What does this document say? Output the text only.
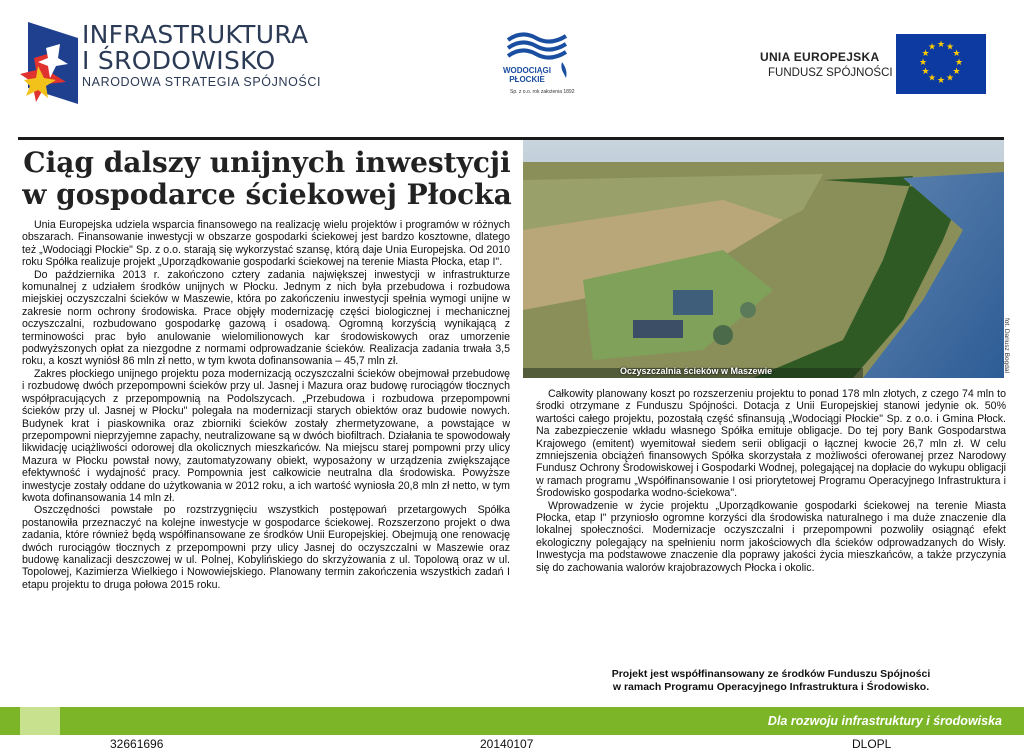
INFRASTRUKTURA
I ŚRODOWISKO
NARODOWA STRATEGIA SPÓJNOŚCI
WODOCIĄGI
PŁOCKIE
Sp. z o.o. rok założenia 1892
UNIA EUROPEJSKA
FUNDUSZ SPÓJNOŚCI
★ ★
★
★
★
★
★
★
★
★
★
★
Ciąg dalszy unijnych inwestycji
w gospodarce ściekowej Płocka

Unia Europejska udziela wsparcia finansowego na realizację wielu projektów i programów w różnych obszarach. Finansowanie inwestycji w obszarze gospodarki ściekowej jest bardzo kosztowne, dlatego też „Wodociągi Płockie" Sp. z o.o. starają się wykorzystać szansę, którą daje Unia Europejska. Od 2010 roku Spółka realizuje projekt „Uporządkowanie gospodarki ściekowej na terenie Miasta Płocka, etap I".

Do października 2013 r. zakończono cztery zadania największej inwestycji w infrastrukturze komunalnej z udziałem środków unijnych w Płocku. Jednym z nich była przebudowa i rozbudowa miejskiej oczyszczalni ścieków w Maszewie, która po zakończeniu inwestycji spełnia wymogi unijne w zakresie norm ochrony środowiska. Prace objęły modernizację części biologicznej i mechanicznej oczyszczalni, rozbudowano gospodarkę gazową i osadową. Ogromną korzyścią wynikającą z terminowości prac było anulowanie wielomilionowych kar środowiskowych oraz umorzenie podwyższonych opłat za niezgodne z normami odprowadzanie ścieków. Realizacja zadania trwała 3,5 roku, a koszt wyniósł 86 mln zł netto, w tym kwota dofinansowania – 45,7 mln zł.

Zakres płockiego unijnego projektu poza modernizacją oczyszczalni ścieków obejmował przebudowę i rozbudowę dwóch przepompowni ścieków przy ul. Jasnej i Mazura oraz budowę rurociągów tłocznych współpracujących z przepompownią na Podolszycach. „Przebudowa i rozbudowa przepompowni ścieków przy ul. Jasnej w Płocku" polegała na modernizacji starych obiektów oraz budowie nowych. Budynek krat i piaskownika oraz zbiorniki ścieków zostały zhermetyzowane, a powstające w przepompowni nieprzyjemne zapachy, neutralizowane są w dwóch biofiltrach. Działania te spowodowały likwidację uciążliwości odorowej dla okolicznych mieszkańców. Na miejscu starej pompowni przy ulicy Mazura w Płocku powstał nowy, zautomatyzowany obiekt, wyposażony w urządzenia zwiększające efektywność i wydajność pracy. Pompownia jest całkowicie neutralna dla środowiska. Powyższe inwestycje zostały oddane do użytkowania w 2012 roku, a ich wartość wyniosła 20,8 mln zł netto, w tym kwota dofinansowania 14 mln zł.

Oszczędności powstałe po rozstrzygnięciu wszystkich postępowań przetargowych Spółka postanowiła przeznaczyć na kolejne inwestycje w gospodarce ściekowej. Rozszerzono projekt o dwa zadania, które również będą współfinansowane ze środków Unii Europejskiej. Obejmują one renowację dwóch rurociągów tłocznych z przepompowni przy ulicy Jasnej do oczyszczalni w Maszewie oraz budowę kanalizacji deszczowej w ul. Polnej, Kobylińskiego do skrzyżowania z ul. Topolową oraz w ul. Topolowej, Kazimierza Wielkiego i Nowowiejskiego. Planowany termin zakończenia wszystkich zadań I etapu projektu to druga połowa 2015 roku.

Oczyszczalnia ścieków w Maszewie	fot. Dariusz Bogdal

Całkowity planowany koszt po rozszerzeniu projektu to ponad 178 mln złotych, z czego 74 mln to środki otrzymane z Funduszu Spójności. Dotacja z Unii Europejskiej stanowi jedynie ok. 50% wartości całego projektu, pozostałą część sfinansują „Wodociągi Płockie" Sp. z o.o. i Gmina Płock. Na zabezpieczenie wkładu własnego Spółka emituje obligacje. Do tej pory Bank Gospodarstwa Krajowego (emitent) wyemitował siedem serii obligacji o łącznej kwocie 26,7 mln zł. W celu zmniejszenia obciążeń finansowych Spółka skorzystała z możliwości oferowanej przez Narodowy Fundusz Ochrony Środowiskowej i Gospodarki Wodnej, polegającej na dopłacie do wykupu obligacji w ramach programu „Współfinansowanie I osi priorytetowej Programu Operacyjnego Infrastruktura i Środowisko gospodarka wodno-ściekowa".

Wprowadzenie w życie projektu „Uporządkowanie gospodarki ściekowej na terenie Miasta Płocka, etap I" przyniosło ogromne korzyści dla środowiska naturalnego i ma duże znaczenie dla lokalnej społeczności. Modernizacje oczyszczalni i przepompowni pozwoliły osiągnąć efekt ekologiczny polegający na spełnieniu norm jakościowych dla ścieków odprowadzanych do Wisły. Inwestycja ma podstawowe znaczenie dla poprawy jakości życia mieszkańców, a także przyczynia się do zachowania walorów krajobrazowych Płocka i okolic.

Projekt jest współfinansowany ze środków Funduszu Spójności
w ramach Programu Operacyjnego Infrastruktura i Środowisko.
Dla rozwoju infrastruktury i środowiska
32661696	20140107	DLOPL
